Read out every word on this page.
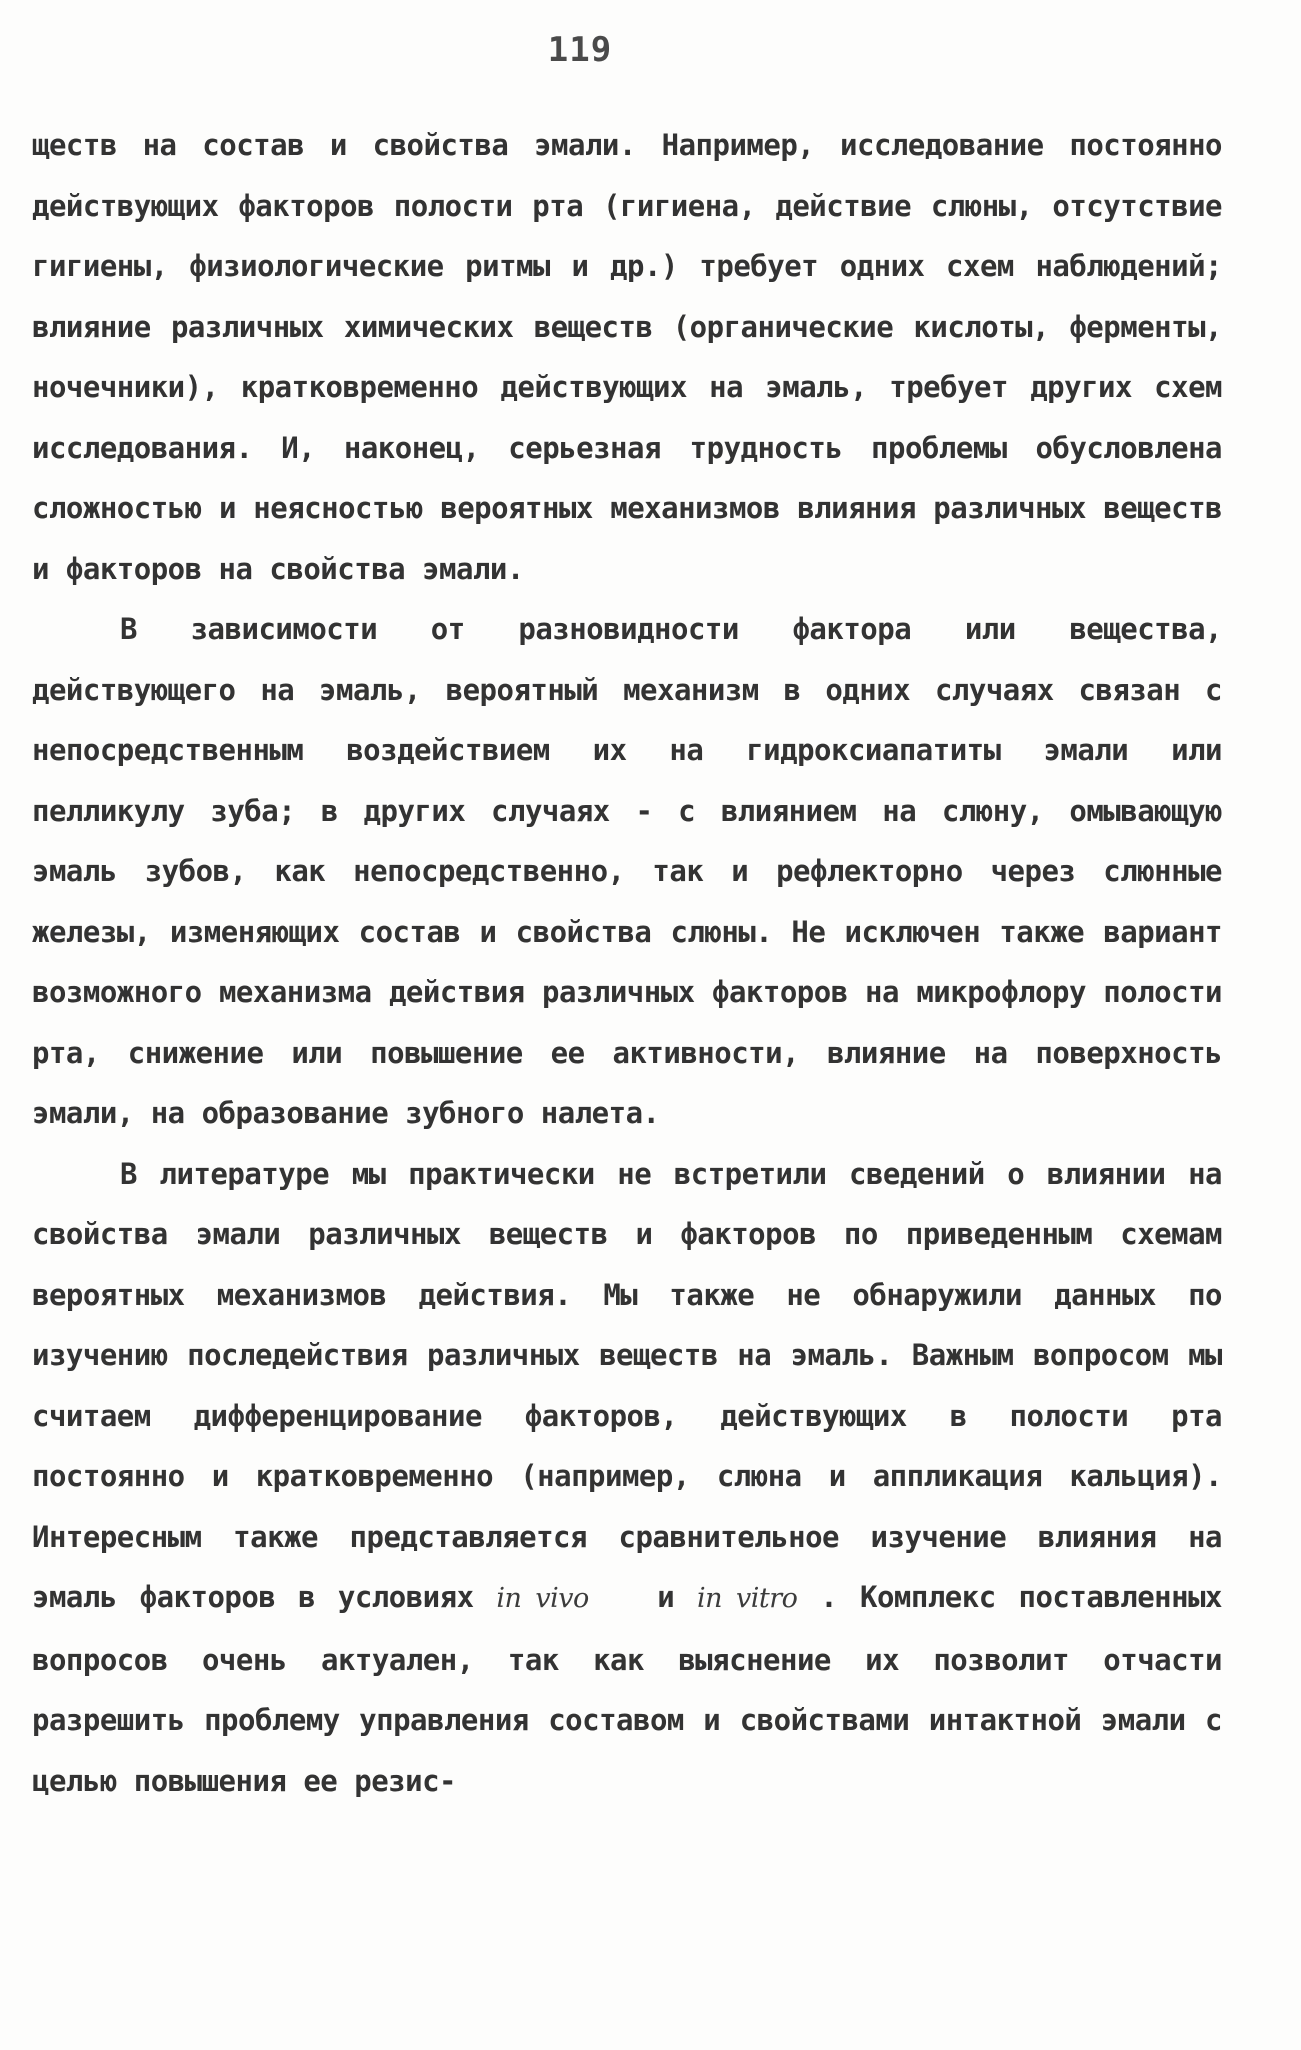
119

ществ на состав и свойства эмали. Например, исследование постоянно действующих факторов полости рта (гигиена, действие слюны, отсутствие гигиены, физиологические ритмы и др.) требует одних схем наблюдений; влияние различных химических веществ (органические кислоты, ферменты, ночечники), кратковременно действующих на эмаль, требует других схем исследования. И, наконец, серьезная трудность проблемы обусловлена сложностью и неясностью вероятных механизмов влияния различных веществ и факторов на свойства эмали.

В зависимости от разновидности фактора или вещества, действующего на эмаль, вероятный механизм в одних случаях связан с непосредственным воздействием их на гидроксиапатиты эмали или пелликулу зуба; в других случаях - с влиянием на слюну, омывающую эмаль зубов, как непосредственно, так и рефлекторно через слюнные железы, изменяющих состав и свойства слюны. Не исключен также вариант возможного механизма действия различных факторов на микрофлору полости рта, снижение или повышение ее активности, влияние на поверхность эмали, на образование зубного налета.

В литературе мы практически не встретили сведений о влиянии на свойства эмали различных веществ и факторов по приведенным схемам вероятных механизмов действия. Мы также не обнаружили данных по изучению последействия различных веществ на эмаль. Важным вопросом мы считаем дифференцирование факторов, действующих в полости рта постоянно и кратковременно (например, слюна и аппликация кальция). Интересным также представляется сравнительное изучение влияния на эмаль факторов в условиях in vivo   и in vitro . Комплекс поставленных вопросов очень актуален, так как выяснение их позволит отчасти разрешить проблему управления составом и свойствами интактной эмали с целью повышения ее резис-
